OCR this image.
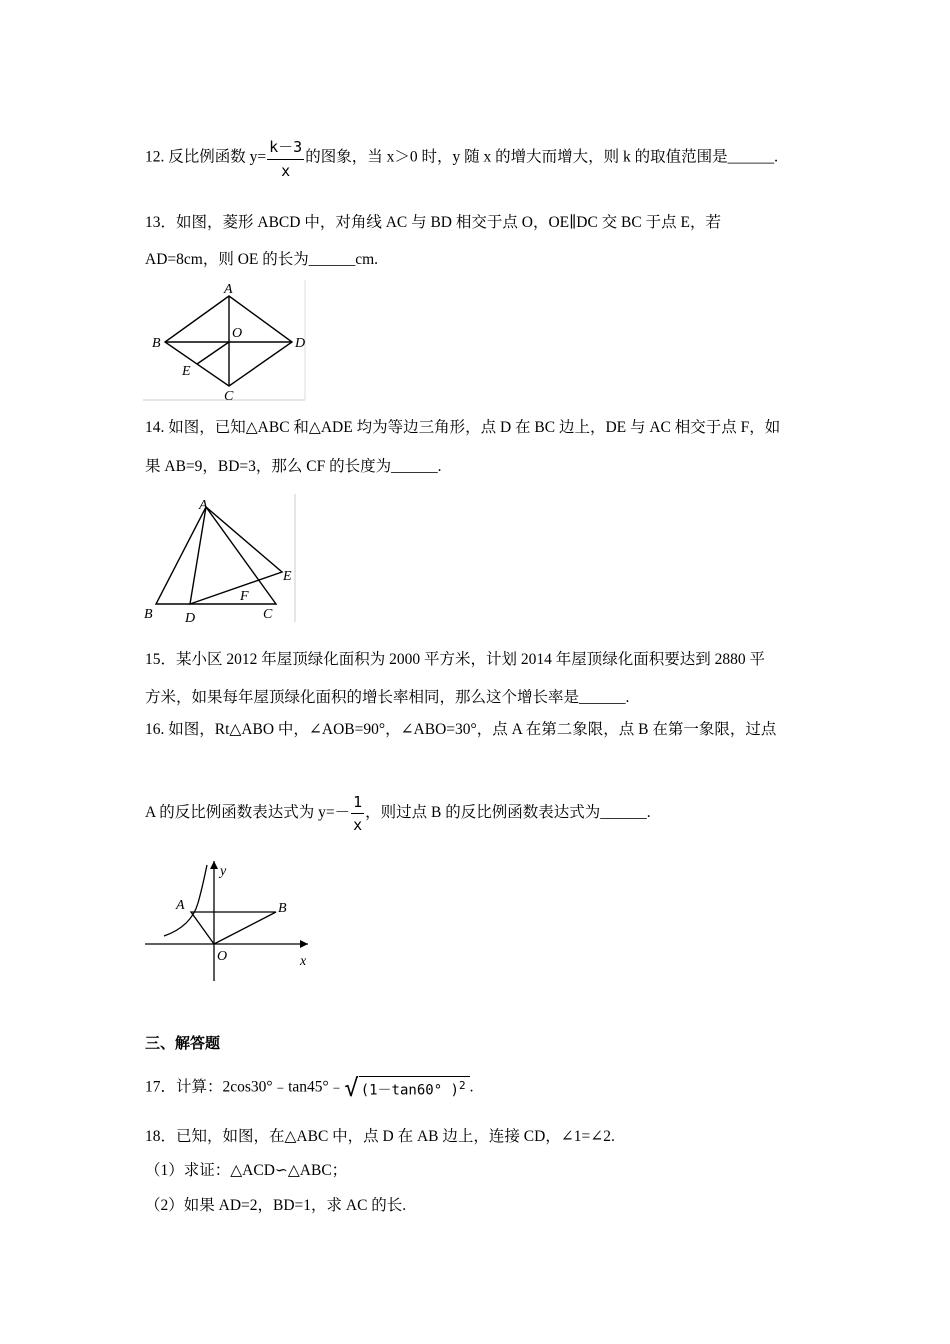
12. 反比例函数 $y= \frac{k-3}{x}$ 的图象，当 x＞0 时，y 随 x 的增大而增大，则 k 的取值范围是______.
13．如图，菱形 ABCD 中，对角线 AC 与 BD 相交于点 O，OE∥DC 交 BC 于点 E，若
AD=8cm，则 OE 的长为______cm.
A
B
O
D
E
C
14. 如图，已知△ABC 和△ADE 均为等边三角形，点 D 在 BC 边上，DE 与 AC 相交于点 F，如
果 AB=9，BD=3，那么 CF 的长度为______.
A
B D
F
C
E
15．某小区 2012 年屋顶绿化面积为 2000 平方米，计划 2014 年屋顶绿化面积要达到 2880 平
方米，如果每年屋顶绿化面积的增长率相同，那么这个增长率是______.
16. 如图，Rt△ABO 中，∠AOB=90°，∠ABO=30°，点 A 在第二象限，点 B 在第一象限，过点
A 的反比例函数表达式为 $y=- \frac{1}{x}$ ，则过点 B 的反比例函数表达式为______.
A	B
O	x
y
三、解答题
17．计算：2cos30°﹣tan45°﹣√ (1－tan60° )$^2$ .
18．已知，如图，在△ABC 中，点 D 在 AB 边上，连接 CD，∠1=∠2.
（1）求证：△ACD∽△ABC；
（2）如果 AD=2，BD=1，求 AC 的长.
